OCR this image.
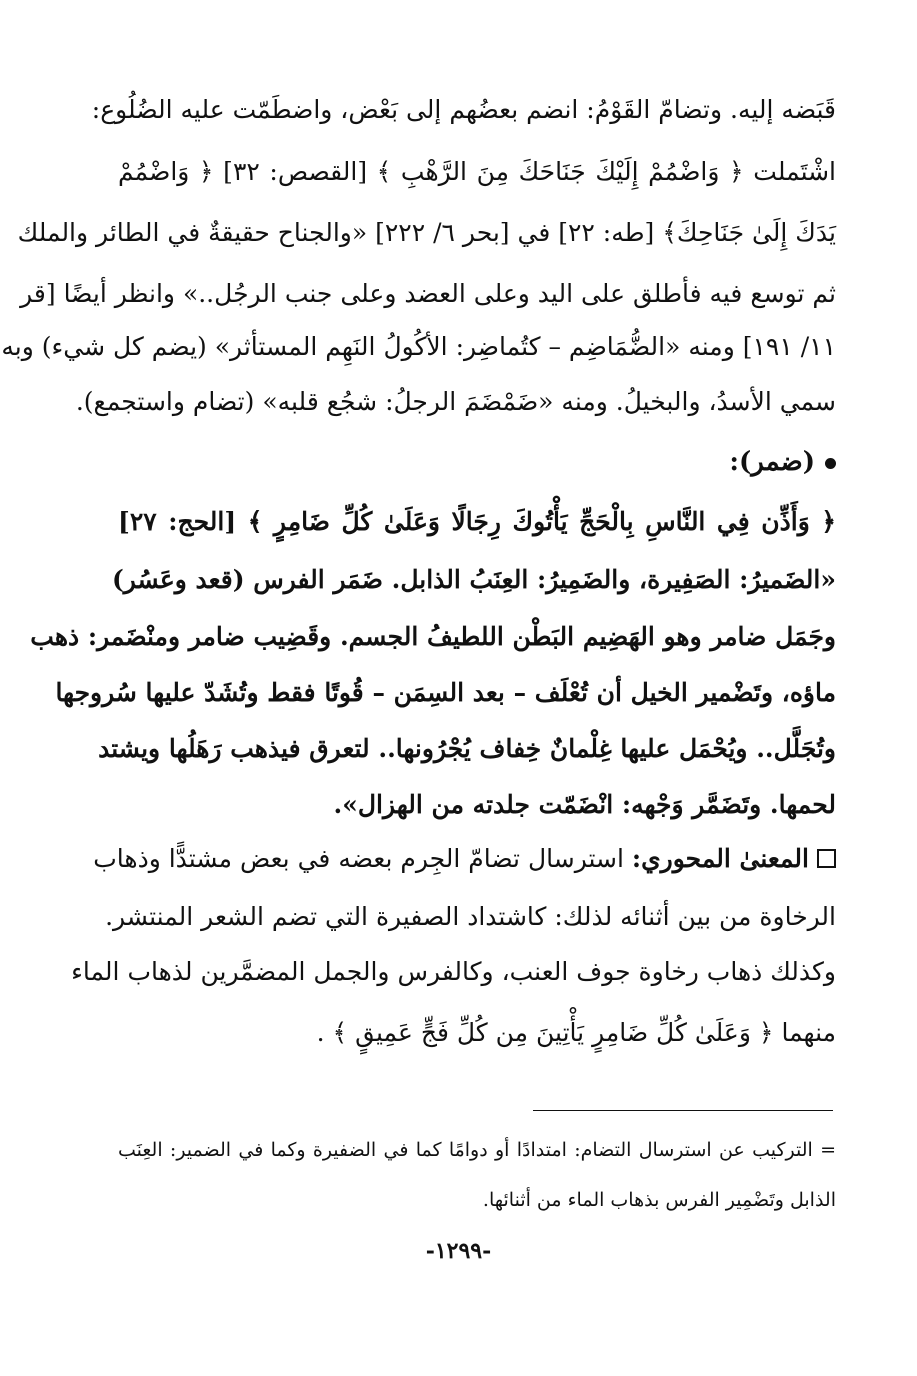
قَبَضه إليه. وتضامّ القَوْمُ: انضم بعضُهم إلى بَعْض، واضطَمّت عليه الضُلُوع:
اشْتَملت ﴿ وَاضْمُمْ إِلَيْكَ جَنَاحَكَ مِنَ الرَّهْبِ ﴾ [القصص: ٣٢] ﴿ وَاضْمُمْ
يَدَكَ إِلَىٰ جَنَاحِكَ﴾ [طه: ٢٢] في [بحر ٦/ ٢٢٢] «والجناح حقيقةٌ في الطائر والملك
ثم توسع فيه فأطلق على اليد وعلى العضد وعلى جنب الرجُل..» وانظر أيضًا [قر
١١/ ١٩١] ومنه «الضُّمَاضِم – كتُماضِر: الأكُولُ النَهِم المستأثر» (يضم كل شيء) وبه
سمي الأسدُ، والبخيلُ. ومنه «ضَمْضَمَ الرجلُ: شجُع قلبه» (تضام واستجمع).
(ضمر):
﴿ وَأَذِّن فِي النَّاسِ بِالْحَجِّ يَأْتُوكَ رِجَالًا وَعَلَىٰ كُلِّ ضَامِرٍ ﴾ [الحج: ٢٧]
«الضَميرُ: الصَفِيرة، والضَمِيرُ: العِنَبُ الذابل. ضَمَر الفرس (قعد وعَسُر)
وجَمَل ضامر وهو الهَضِيم البَطْن اللطيفُ الجسم. وقَضِيب ضامر ومنْضَمر: ذهب
ماؤه، وتَضْمير الخيل أن تُعْلَف – بعد السِمَن – قُوتًا فقط وتُشَدّ عليها سُروجها
وتُجَلَّل.. ويُحْمَل عليها غِلْمانٌ خِفاف يُجْرُونها.. لتعرق فيذهب رَهَلُها ويشتد
لحمها. وتَضَمَّر وَجْهه: انْضَمّت جلدته من الهزال».
المعنىٰ المحوري: استرسال تضامّ الجِرم بعضه في بعض مشتدًّا وذهاب
الرخاوة من بين أثنائه لذلك: كاشتداد الصفيرة التي تضم الشعر المنتشر.
وكذلك ذهاب رخاوة جوف العنب، وكالفرس والجمل المضمَّرين لذهاب الماء
منهما ﴿ وَعَلَىٰ كُلِّ ضَامِرٍ يَأْتِينَ مِن كُلِّ فَجٍّ عَمِيقٍ ﴾ .
= التركيب عن استرسال التضام: امتدادًا أو دوامًا كما في الضفيرة وكما في الضمير: العِنَب
الذابل وتَضْمِير الفرس بذهاب الماء من أثنائها.
-١٢٩٩-
